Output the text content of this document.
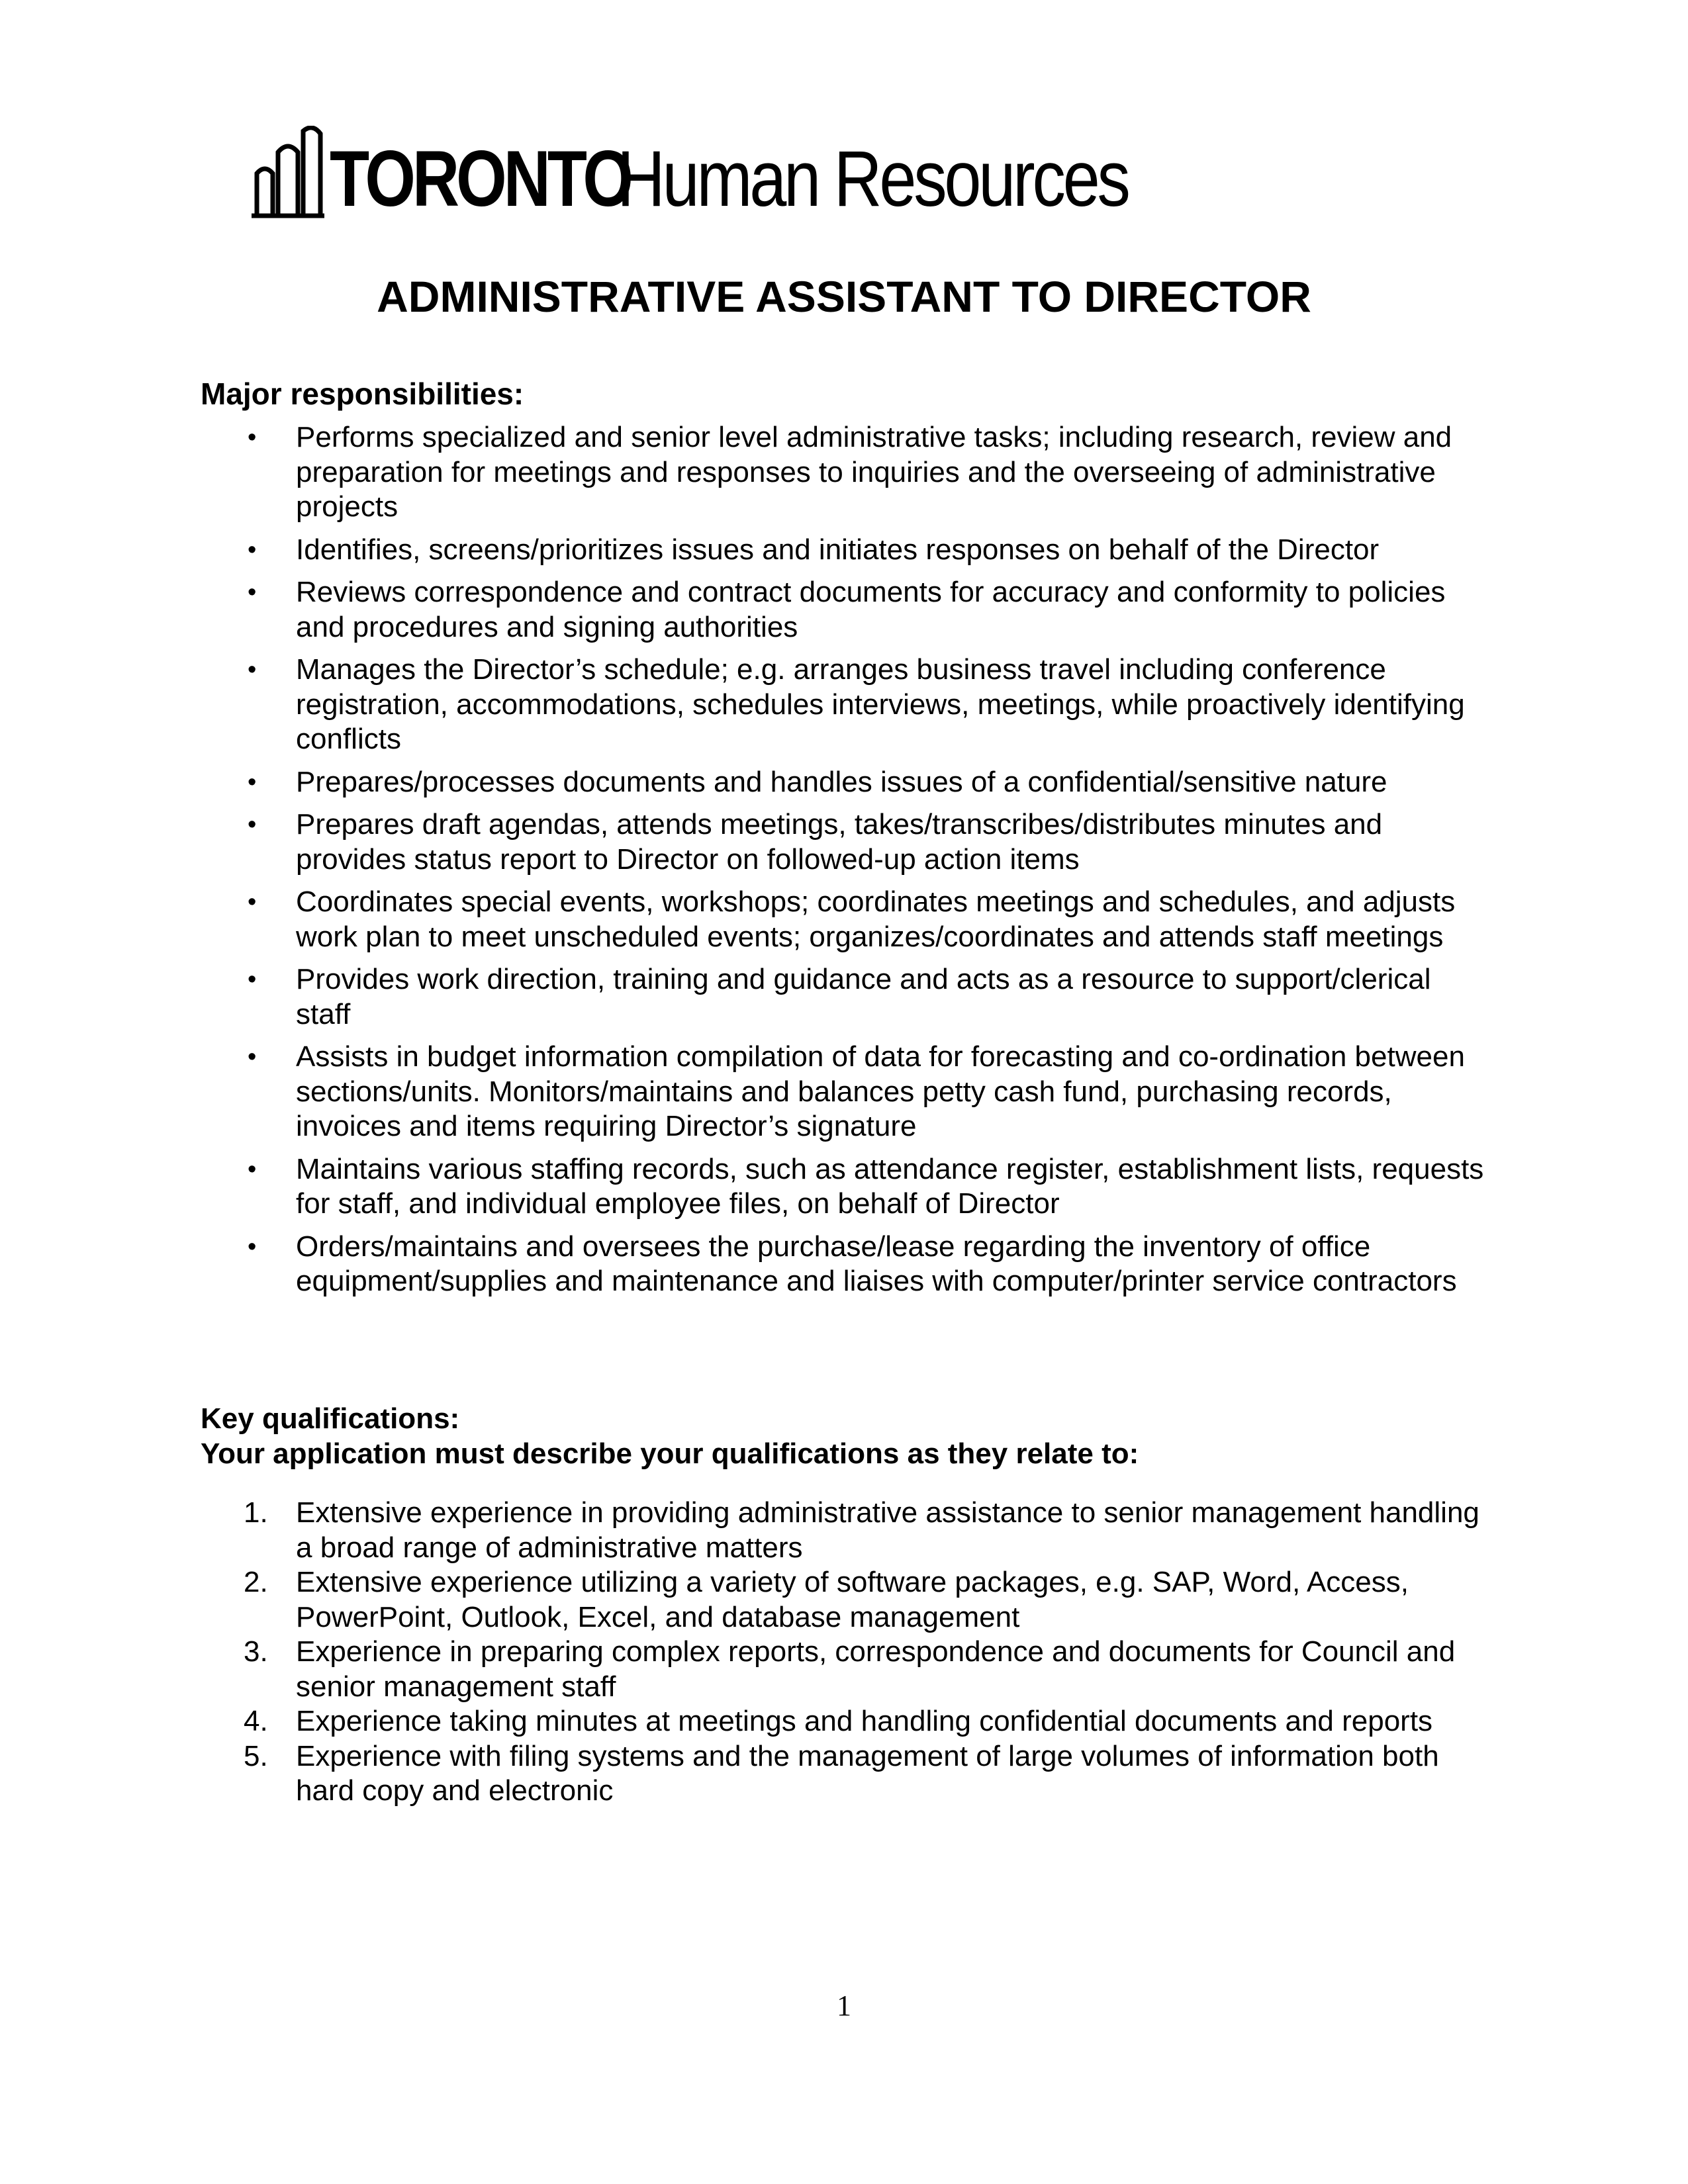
TORONTO
Human Resources
ADMINISTRATIVE ASSISTANT TO DIRECTOR
Major responsibilities:
•	Performs specialized and senior level administrative tasks; including research, review and preparation for meetings and responses to inquiries and the overseeing of administrative projects
•	Identifies, screens/prioritizes issues and initiates responses on behalf of the Director
•	Reviews correspondence and contract documents for accuracy and conformity to policies and procedures and signing authorities
•	Manages the Director’s schedule; e.g. arranges business travel including conference registration, accommodations, schedules interviews, meetings, while proactively identifying conflicts
•	Prepares/processes documents and handles issues of a confidential/sensitive nature
•	Prepares draft agendas, attends meetings, takes/transcribes/distributes minutes and provides status report to Director on followed-up action items
•	Coordinates special events, workshops; coordinates meetings and schedules, and adjusts work plan to meet unscheduled events; organizes/coordinates and attends staff meetings
•	Provides work direction, training and guidance and acts as a resource to support/clerical staff
•	Assists in budget information compilation of data for forecasting and co-ordination between sections/units. Monitors/maintains and balances petty cash fund, purchasing records, invoices and items requiring Director’s signature
•	Maintains various staffing records, such as attendance register, establishment lists, requests for staff, and individual employee files, on behalf of Director
•	Orders/maintains and oversees the purchase/lease regarding the inventory of office equipment/supplies and maintenance and liaises with computer/printer service contractors
Key qualifications:
Your application must describe your qualifications as they relate to:
1. Extensive experience in providing administrative assistance to senior management handling a broad range of administrative matters
2. Extensive experience utilizing a variety of software packages, e.g. SAP, Word, Access, PowerPoint, Outlook, Excel, and database management
3. Experience in preparing complex reports, correspondence and documents for Council and senior management staff
4. Experience taking minutes at meetings and handling confidential documents and reports
5. Experience with filing systems and the management of large volumes of information both hard copy and electronic
1
